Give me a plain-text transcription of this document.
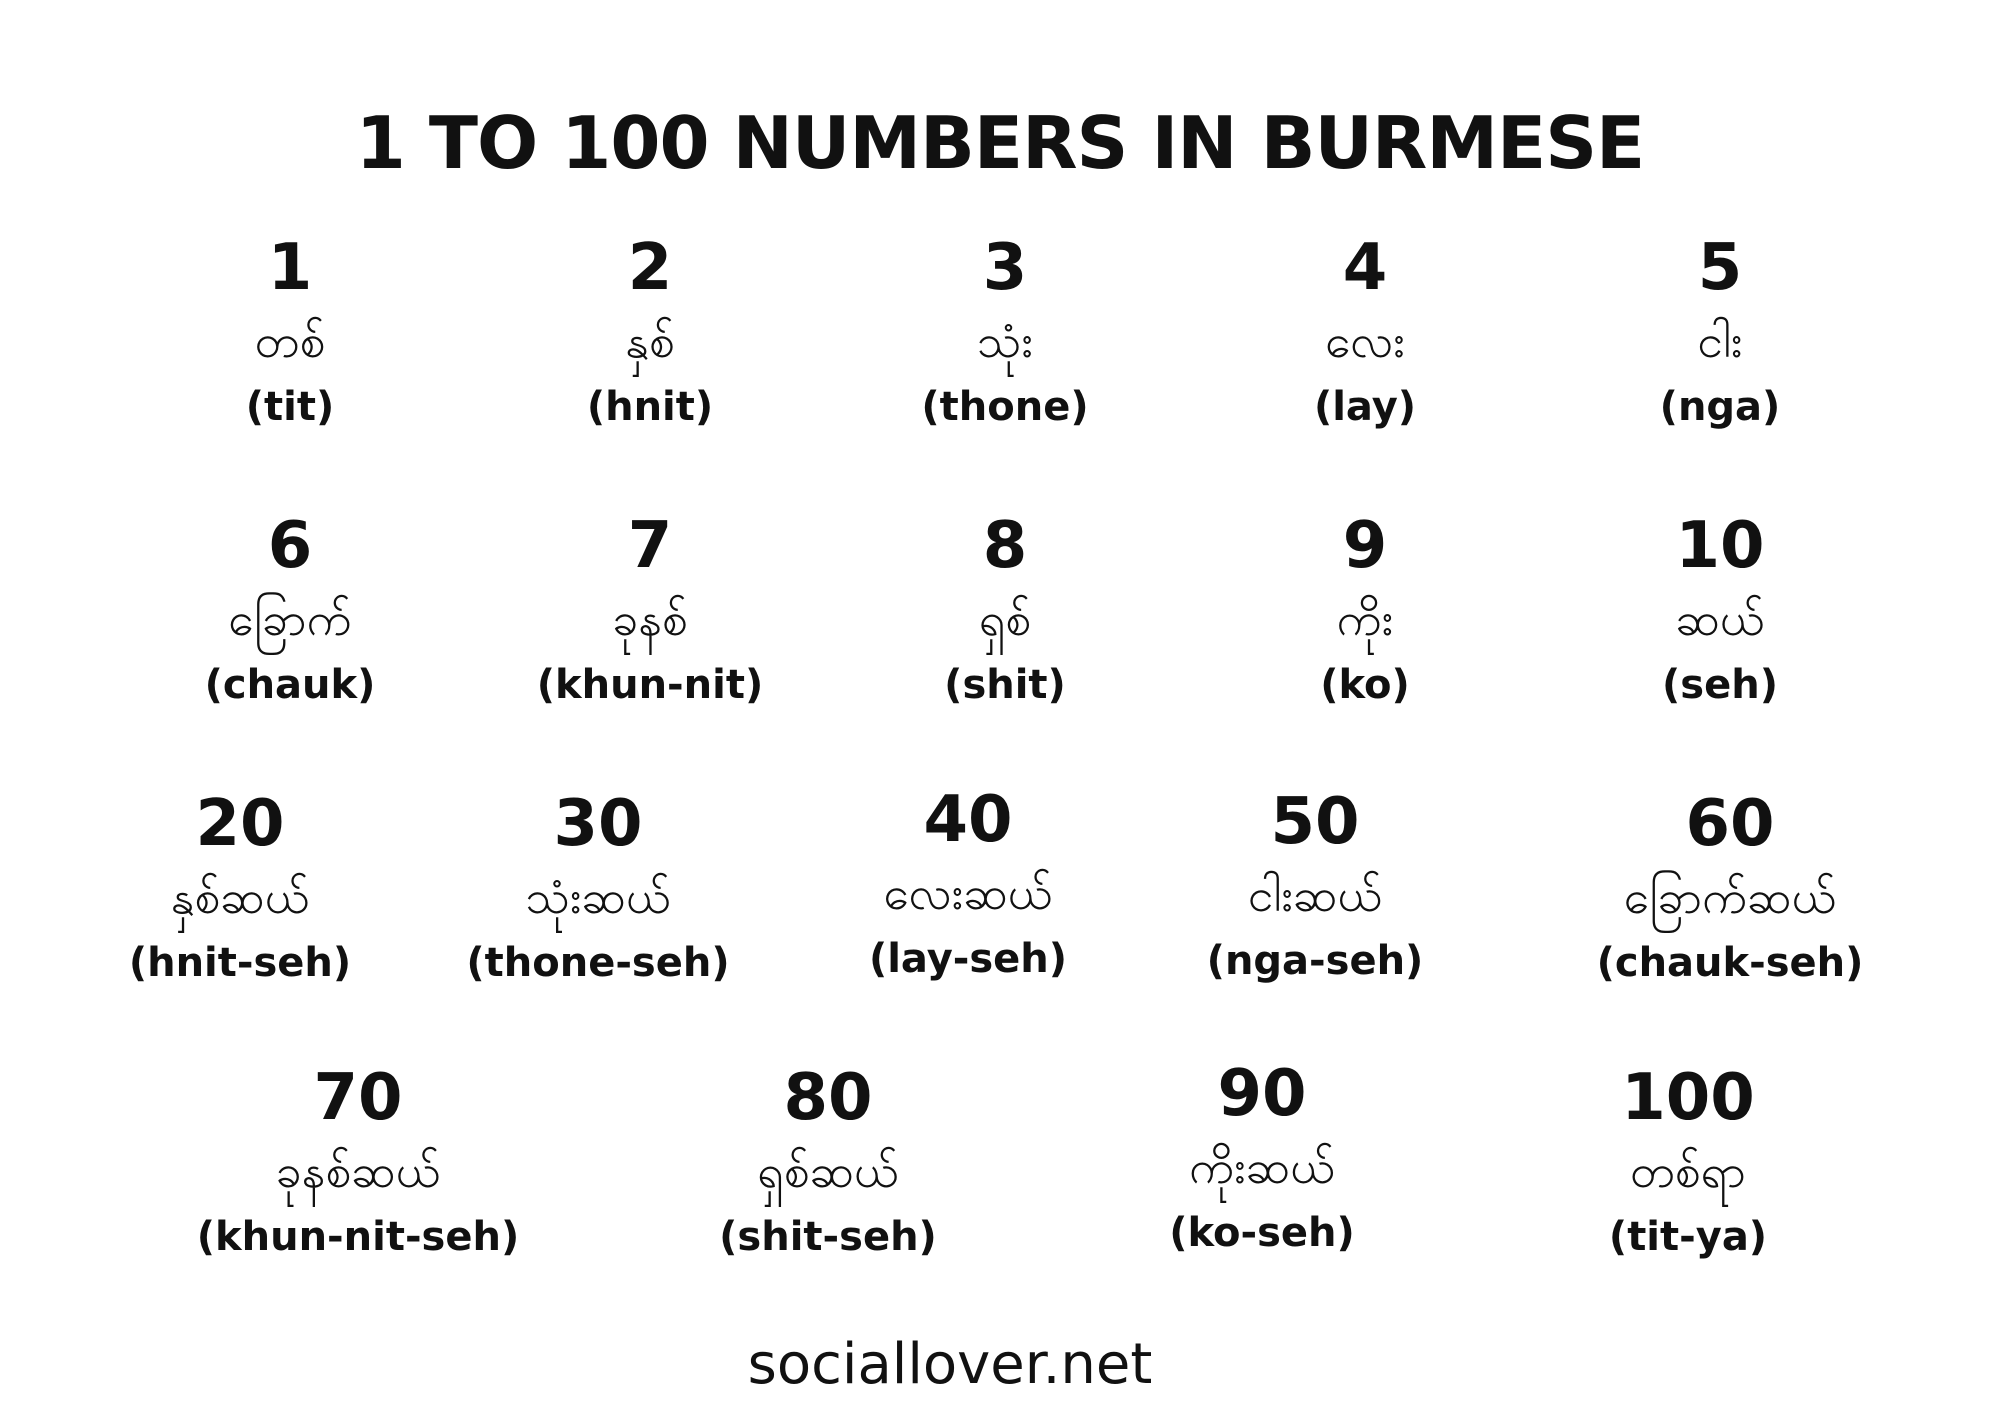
1 TO 100 NUMBERS IN BURMESE
1
တစ်
(tit)
2
နှစ်
(hnit)
3
သုံး
(thone)
4
လေး
(lay)
5
ငါး
(nga)
6
ခြောက်
(chauk)
7
ခုနစ်
(khun-nit)
8
ရှစ်
(shit)
9
ကိုး
(ko)
10
ဆယ်
(seh)
20
နှစ်ဆယ်
(hnit-seh)
30
သုံးဆယ်
(thone-seh)
40
လေးဆယ်
(lay-seh)
50
ငါးဆယ်
(nga-seh)
60
ခြောက်ဆယ်
(chauk-seh)
70
ခုနစ်ဆယ်
(khun-nit-seh)
80
ရှစ်ဆယ်
(shit-seh)
90
ကိုးဆယ်
(ko-seh)
100
တစ်ရာ
(tit-ya)
sociallover.net
